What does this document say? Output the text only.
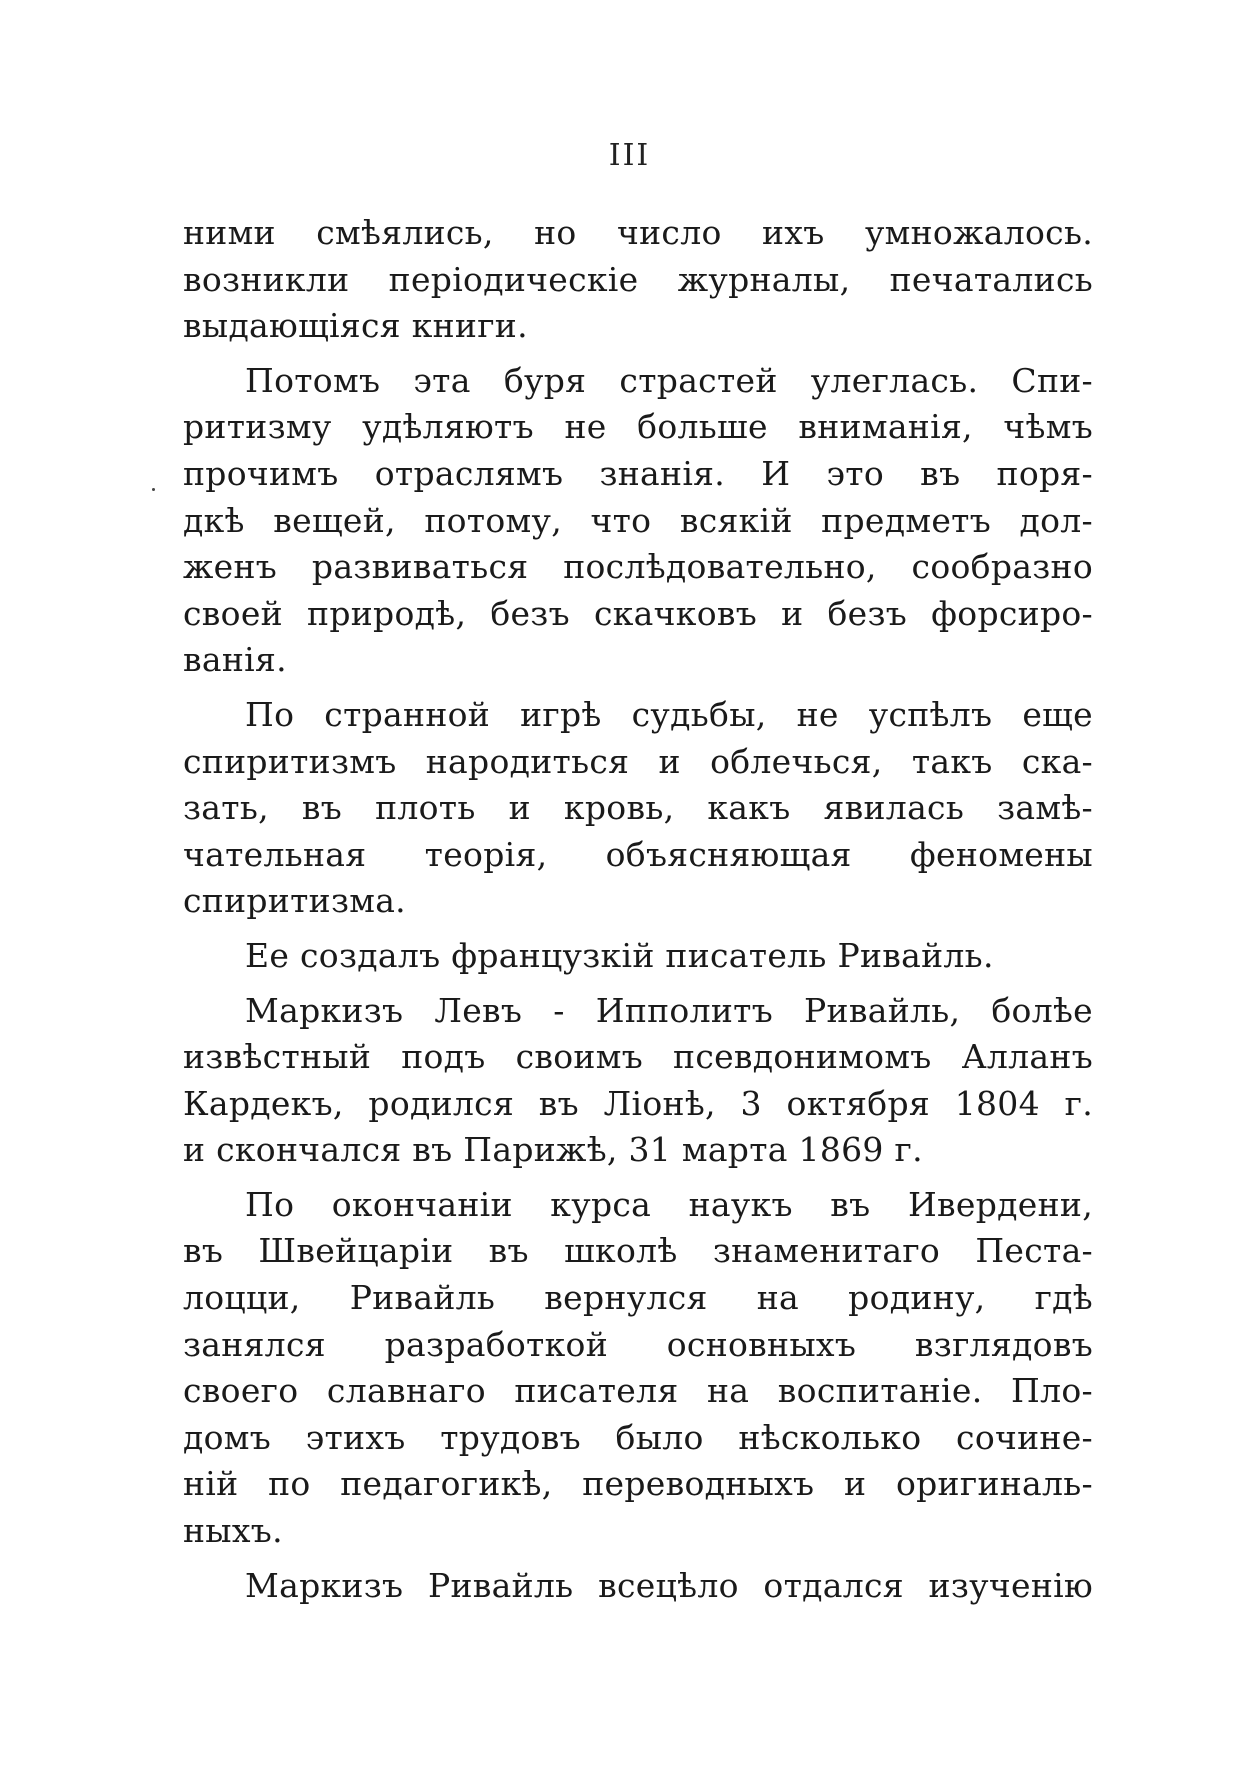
III
ними смѣялись, но число ихъ умножалось.
возникли періодическіе журналы, печатались
выдающіяся книги.
Потомъ эта буря страстей улеглась. Спи-
ритизму удѣляютъ не больше вниманія, чѣмъ
прочимъ отраслямъ знанія. И это въ поря-
дкѣ вещей, потому, что всякій предметъ дол-
женъ развиваться послѣдовательно, сообразно
своей природѣ, безъ скачковъ и безъ форсиро-
ванія.
По странной игрѣ судьбы, не успѣлъ еще
спиритизмъ народиться и облечься, такъ ска-
зать, въ плоть и кровь, какъ явилась замѣ-
чательная теорія, объясняющая феномены
спиритизма.
Ее создалъ французкій писатель Ривайль.
Маркизъ Левъ - Ипполитъ Ривайль, болѣе
извѣстный подъ своимъ псевдонимомъ Алланъ
Кардекъ, родился въ Ліонѣ, 3 октября 1804 г.
и скончался въ Парижѣ, 31 марта 1869 г.
По окончаніи курса наукъ въ Ивердени,
въ Швейцаріи въ школѣ знаменитаго Песта-
лоцци, Ривайль вернулся на родину, гдѣ
занялся разработкой основныхъ взглядовъ
своего славнаго писателя на воспитаніе. Пло-
домъ этихъ трудовъ было нѣсколько сочине-
ній по педагогикѣ, переводныхъ и оригиналь-
ныхъ.
Маркизъ Ривайль всецѣло отдался изученію
